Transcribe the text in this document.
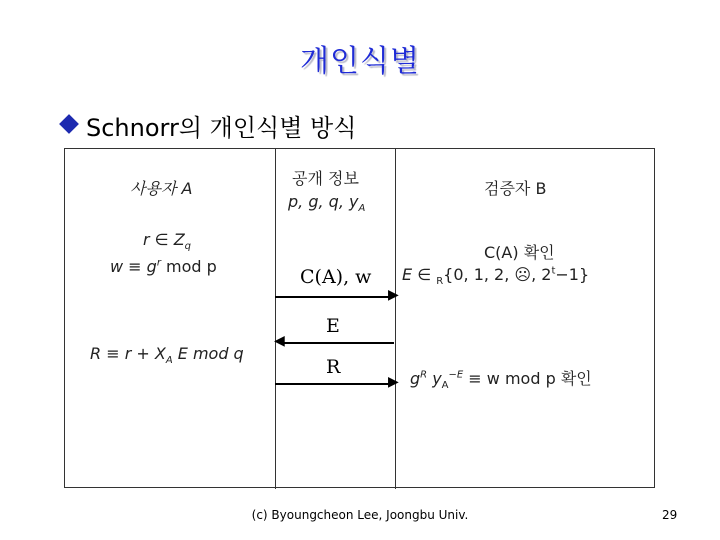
개인식별
Schnorr의 개인식별 방식
사용자 A
공개 정보
p, g, q, $y_A$
검증자 B
r ∈ $Z_q$
$w \equiv g^r$ mod p	C(A), w
▶
C(A) 확인
E ∈ $_R${0, 1, 2, ☹, $2^t-1$}
E
◀
$R \equiv r + X_A$ E mod q
R
▶ $g^R$ $y_A^{-E} \equiv w$ mod p 확인
(c) Byoungcheon Lee, Joongbu Univ.	29
